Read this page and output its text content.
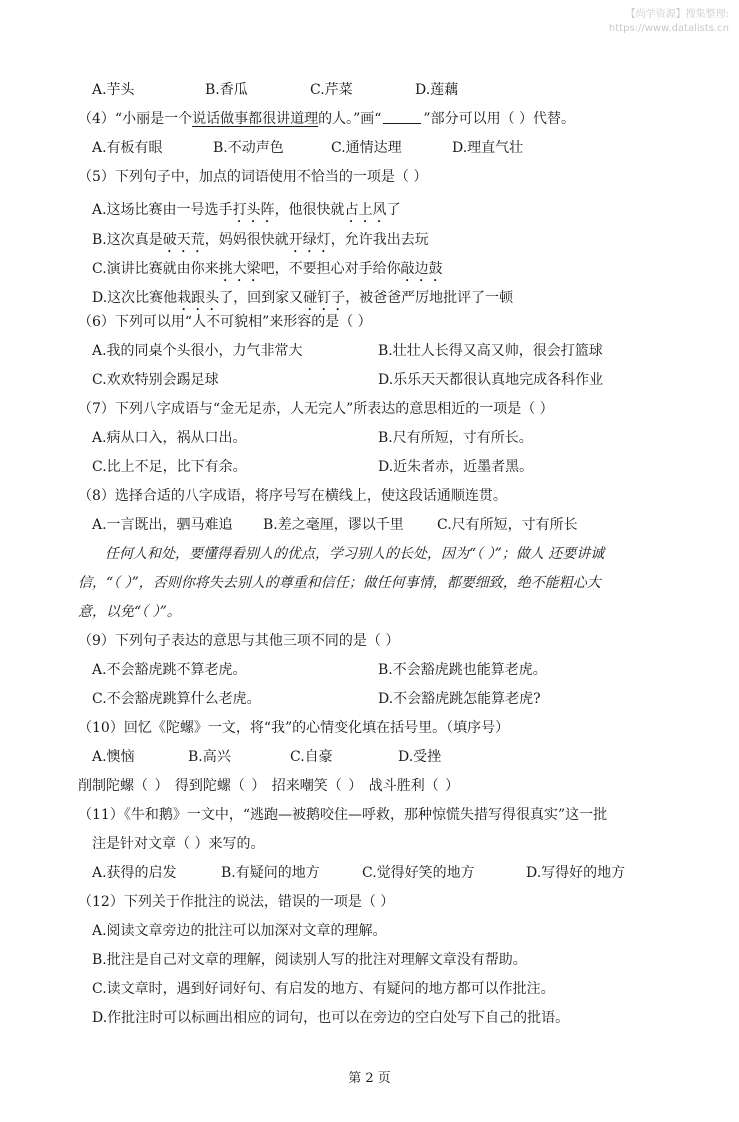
【尚学资源】搜集整理:
https://www.datalists.cn
A.芋头	B.香瓜	C.芹菜	D.莲藕
（4）“小丽是一个说话做事都很讲道理的人。”画“	”部分可以用（ ）代替。
A.有板有眼	B.不动声色	C.通情达理	D.理直气壮
（5）下列句子中，加点的词语使用不恰当的一项是（ ）
A.这场比赛由一号选手打头阵，他很快就占上风了
B.这次真是破天荒，妈妈很快就开绿灯，允许我出去玩
C.演讲比赛就由你来挑大梁吧，不要担心对手给你敲边鼓
D.这次比赛他栽跟头了，回到家又碰钉子，被爸爸严厉地批评了一顿
（6）下列可以用“人不可貌相”来形容的是（ ）
A.我的同桌个头很小，力气非常大	B.壮壮人长得又高又帅，很会打篮球
C.欢欢特别会踢足球	D.乐乐天天都很认真地完成各科作业
（7）下列八字成语与“金无足赤，人无完人”所表达的意思相近的一项是（ ）
A.病从口入，祸从口出。	B.尺有所短，寸有所长。
C.比上不足，比下有余。	D.近朱者赤，近墨者黑。
（8）选择合适的八字成语，将序号写在横线上，使这段话通顺连贯。
A.一言既出，驷马难追 B.差之毫厘，谬以千里 C.尺有所短，寸有所长
任何人和处，要懂得看别人的优点，学习别人的长处，因为“（ ）”；做人 还要讲诚
信，“（ ）”，否则你将失去别人的尊重和信任；做任何事情，都要细致，绝不能粗心大
意，以免“（ ）”。
（9）下列句子表达的意思与其他三项不同的是（ ）
A.不会豁虎跳不算老虎。	B.不会豁虎跳也能算老虎。
C.不会豁虎跳算什么老虎。	D.不会豁虎跳怎能算老虎?
（10）回忆《陀螺》一文，将“我”的心情变化填在括号里。（填序号）
A.懊恼	B.高兴	C.自豪	D.受挫
削制陀螺（ ） 得到陀螺（ ） 招来嘲笑（ ） 战斗胜利（ ）
（11）《牛和鹅》一文中，“逃跑—被鹅咬住—呼救，那种惊慌失措写得很真实”这一批
注是针对文章（ ）来写的。
A.获得的启发	B.有疑问的地方	C.觉得好笑的地方	D.写得好的地方
（12）下列关于作批注的说法，错误的一项是（ ）
A.阅读文章旁边的批注可以加深对文章的理解。
B.批注是自己对文章的理解，阅读别人写的批注对理解文章没有帮助。
C.读文章时，遇到好词好句、有启发的地方、有疑问的地方都可以作批注。
D.作批注时可以标画出相应的词句，也可以在旁边的空白处写下自己的批语。
第 2 页
